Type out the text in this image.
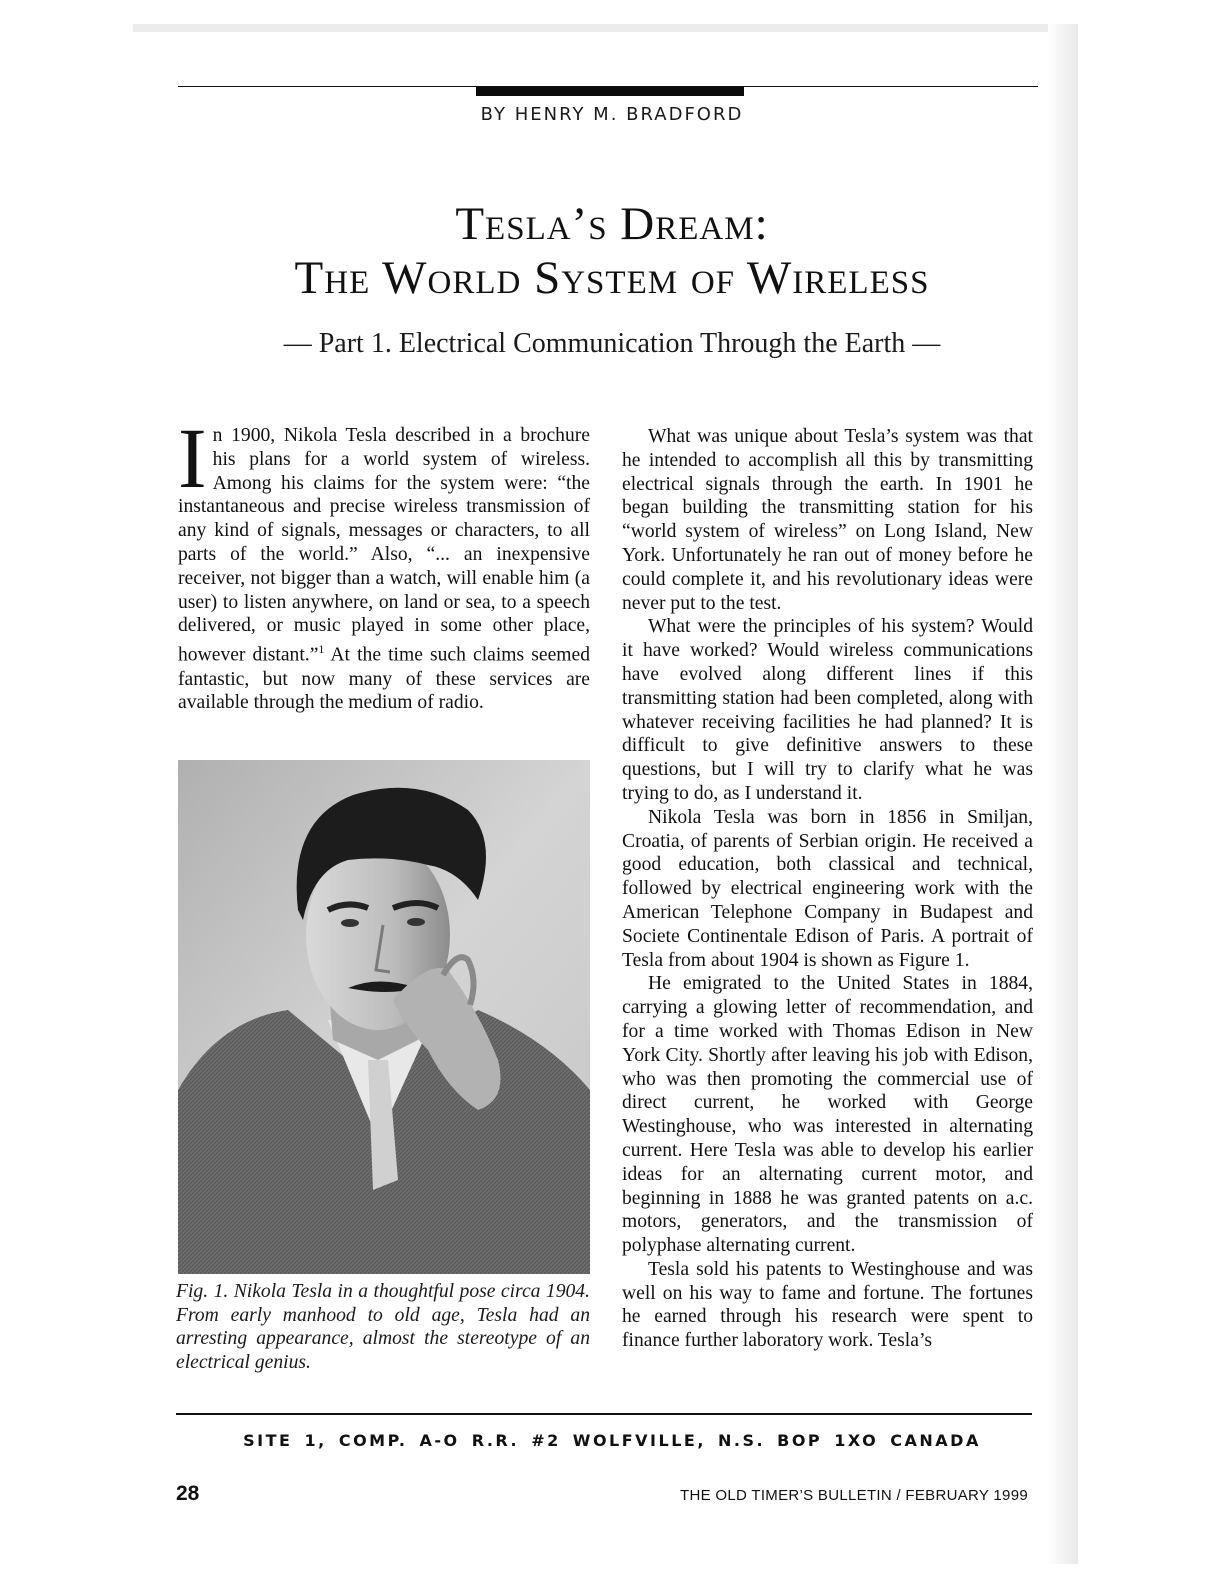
BY HENRY M. BRADFORD
Tesla’s Dream:
The World System of Wireless
— Part 1. Electrical Communication Through the Earth —

In 1900, Nikola Tesla described in a brochure his plans for a world system of wireless. Among his claims for the system were: “the instantaneous and precise wireless transmission of any kind of signals, messages or characters, to all parts of the world.” Also, “... an inexpensive receiver, not bigger than a watch, will enable him (a user) to listen anywhere, on land or sea, to a speech delivered, or music played in some other place, however distant.”$^1$ At the time such claims seemed fantastic, but now many of these services are available through the medium of radio.

Fig. 1. Nikola Tesla in a thoughtful pose circa 1904. From early manhood to old age, Tesla had an arresting appearance, almost the stereotype of an electrical genius.

What was unique about Tesla’s system was that he intended to accomplish all this by transmitting electrical signals through the earth. In 1901 he began building the transmitting station for his “world system of wireless” on Long Island, New York. Unfortunately he ran out of money before he could complete it, and his revolutionary ideas were never put to the test.

What were the principles of his system? Would it have worked? Would wireless communications have evolved along different lines if this transmitting station had been completed, along with whatever receiving facilities he had planned? It is difficult to give definitive answers to these questions, but I will try to clarify what he was trying to do, as I understand it.

Nikola Tesla was born in 1856 in Smiljan, Croatia, of parents of Serbian origin. He received a good education, both classical and technical, followed by electrical engineering work with the American Telephone Company in Budapest and Societe Continentale Edison of Paris. A portrait of Tesla from about 1904 is shown as Figure 1.

He emigrated to the United States in 1884, carrying a glowing letter of recommendation, and for a time worked with Thomas Edison in New York City. Shortly after leaving his job with Edison, who was then promoting the commercial use of direct current, he worked with George Westinghouse, who was interested in alternating current. Here Tesla was able to develop his earlier ideas for an alternating current motor, and beginning in 1888 he was granted patents on a.c. motors, generators, and the transmission of polyphase alternating current.

Tesla sold his patents to Westinghouse and was well on his way to fame and fortune. The fortunes he earned through his research were spent to finance further laboratory work. Tesla’s

SITE 1, COMP. A-O R.R. #2 WOLFVILLE, N.S. BOP 1XO CANADA
28	THE OLD TIMER’S BULLETIN / FEBRUARY 1999
